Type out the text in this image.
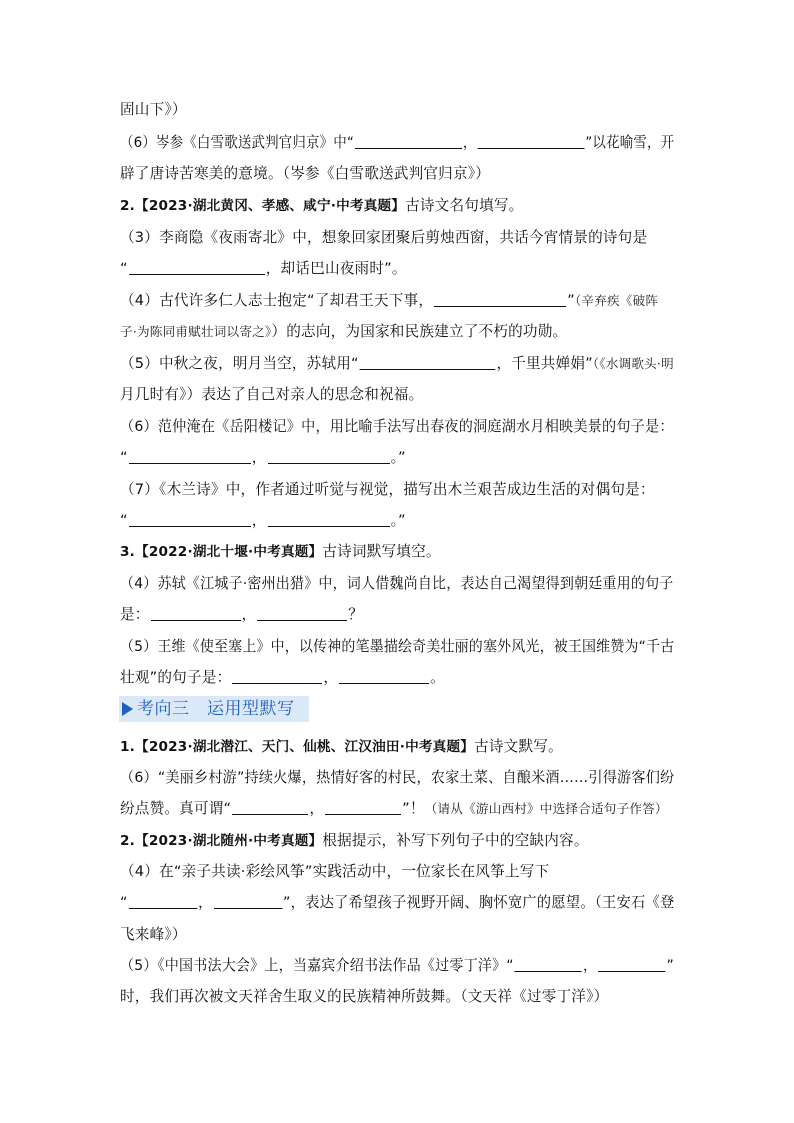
固山下》）
（6）岑参《白雪歌送武判官归京》中“	，	”以花喻雪，开
辟了唐诗苦寒美的意境。（岑参《白雪歌送武判官归京》）
2.【2023·湖北黄冈、孝感、咸宁·中考真题】古诗文名句填写。
（3）李商隐《夜雨寄北》中，想象回家团聚后剪烛西窗，共话今宵情景的诗句是
“	，却话巴山夜雨时”。
（4）古代许多仁人志士抱定“了却君王天下事，	”（辛弃疾《破阵
子·为陈同甫赋壮词以寄之》）的志向，为国家和民族建立了不朽的功勋。
（5）中秋之夜，明月当空，苏轼用“	，千里共婵娟”（《水调歌头·明
月几时有》）表达了自己对亲人的思念和祝福。
（6）范仲淹在《岳阳楼记》中，用比喻手法写出春夜的洞庭湖水月相映美景的句子是：
“	，	。”
（7）《木兰诗》中，作者通过听觉与视觉，描写出木兰艰苦成边生活的对偶句是：
“	，	。”
3.【2022·湖北十堰·中考真题】古诗词默写填空。
（4）苏轼《江城子·密州出猎》中，词人借魏尚自比，表达自己渴望得到朝廷重用的句子
是：	，	？
（5）王维《使至塞上》中，以传神的笔墨描绘奇美壮丽的塞外风光，被王国维赞为“千古
壮观”的句子是：	，	。
考向三　运用型默写
1.【2023·湖北潜江、天门、仙桃、江汉油田·中考真题】古诗文默写。
（6）“美丽乡村游”持续火爆，热情好客的村民，农家土菜、自酿米酒……引得游客们纷
纷点赞。真可谓“	，	”！（请从《游山西村》中选择合适句子作答）
2.【2023·湖北随州·中考真题】根据提示，补写下列句子中的空缺内容。
（4）在“亲子共读·彩绘风筝”实践活动中，一位家长在风筝上写下
“	，	”，表达了希望孩子视野开阔、胸怀宽广的愿望。（王安石《登
飞来峰》）
（5）《中国书法大会》上，当嘉宾介绍书法作品《过零丁洋》“	，	”
时，我们再次被文天祥舍生取义的民族精神所鼓舞。（文天祥《过零丁洋》）
